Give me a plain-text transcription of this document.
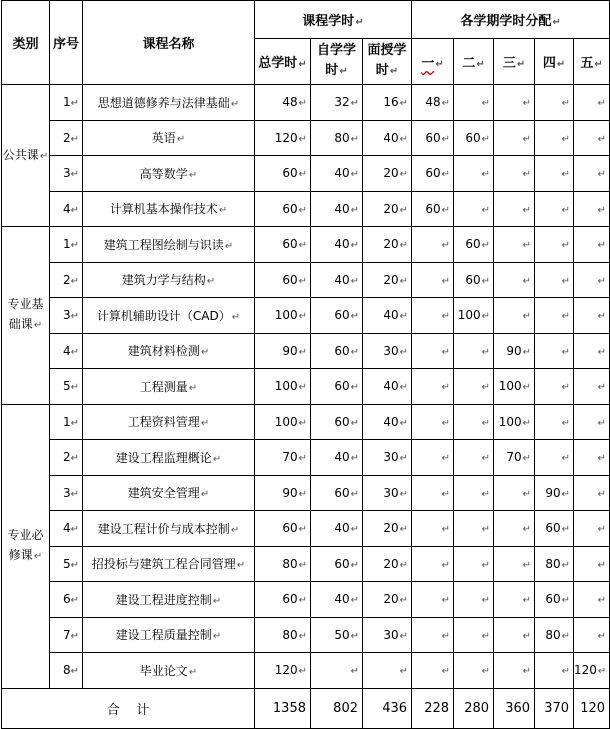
类别	序号	课程名称	课程学时↵			各学期学时分配↵				
			总学时↵	自学学时↵	面授学时↵	一↵	二↵	三↵	四↵	五↵
公共课↵	1↵	思想道德修养与法律基础↵	48↵	32↵	16↵	48↵	↵	↵	↵	↵
	2↵	英语↵	120↵	80↵	40↵	60↵	60↵	↵	↵	↵
	3↵	高等数学↵	60↵	40↵	20↵	60↵	↵	↵	↵	↵
	4↵	计算机基本操作技术↵	60↵	40↵	20↵	60↵	↵	↵	↵	↵
专业基础课↵	1↵	建筑工程图绘制与识读↵	60↵	40↵	20↵	↵	60↵	↵	↵	↵
	2↵	建筑力学与结构↵	60↵	40↵	20↵	↵	60↵	↵	↵	↵
	3↵	计算机辅助设计（CAD）↵	100↵	60↵	40↵	↵	100↵	↵	↵	↵
	4↵	建筑材料检测↵	90↵	60↵	30↵	↵	↵	90↵	↵	↵
	5↵	工程测量↵	100↵	60↵	40↵	↵	↵	100↵	↵	↵
专业必修课↵	1↵	工程资料管理↵	100↵	60↵	40↵	↵	↵	100↵	↵	↵
	2↵	建设工程监理概论↵	70↵	40↵	30↵	↵	↵	70↵	↵	↵
	3↵	建筑安全管理↵	90↵	60↵	30↵	↵	↵	↵	90↵	↵
	4↵	建设工程计价与成本控制↵	60↵	40↵	20↵	↵	↵	↵	60↵	↵
	5↵	招投标与建筑工程合同管理↵	80↵	60↵	20↵	↵	↵	↵	80↵	↵
	6↵	建设工程进度控制↵	60↵	40↵	20↵	↵	↵	↵	60↵	↵
	7↵	建设工程质量控制↵	80↵	50↵	30↵	↵	↵	↵	80↵	↵
	8↵	毕业论文↵	120↵	↵	↵	↵	↵	↵	↵	120↵
合    计			1358	802	436	228	280	360	370	120
